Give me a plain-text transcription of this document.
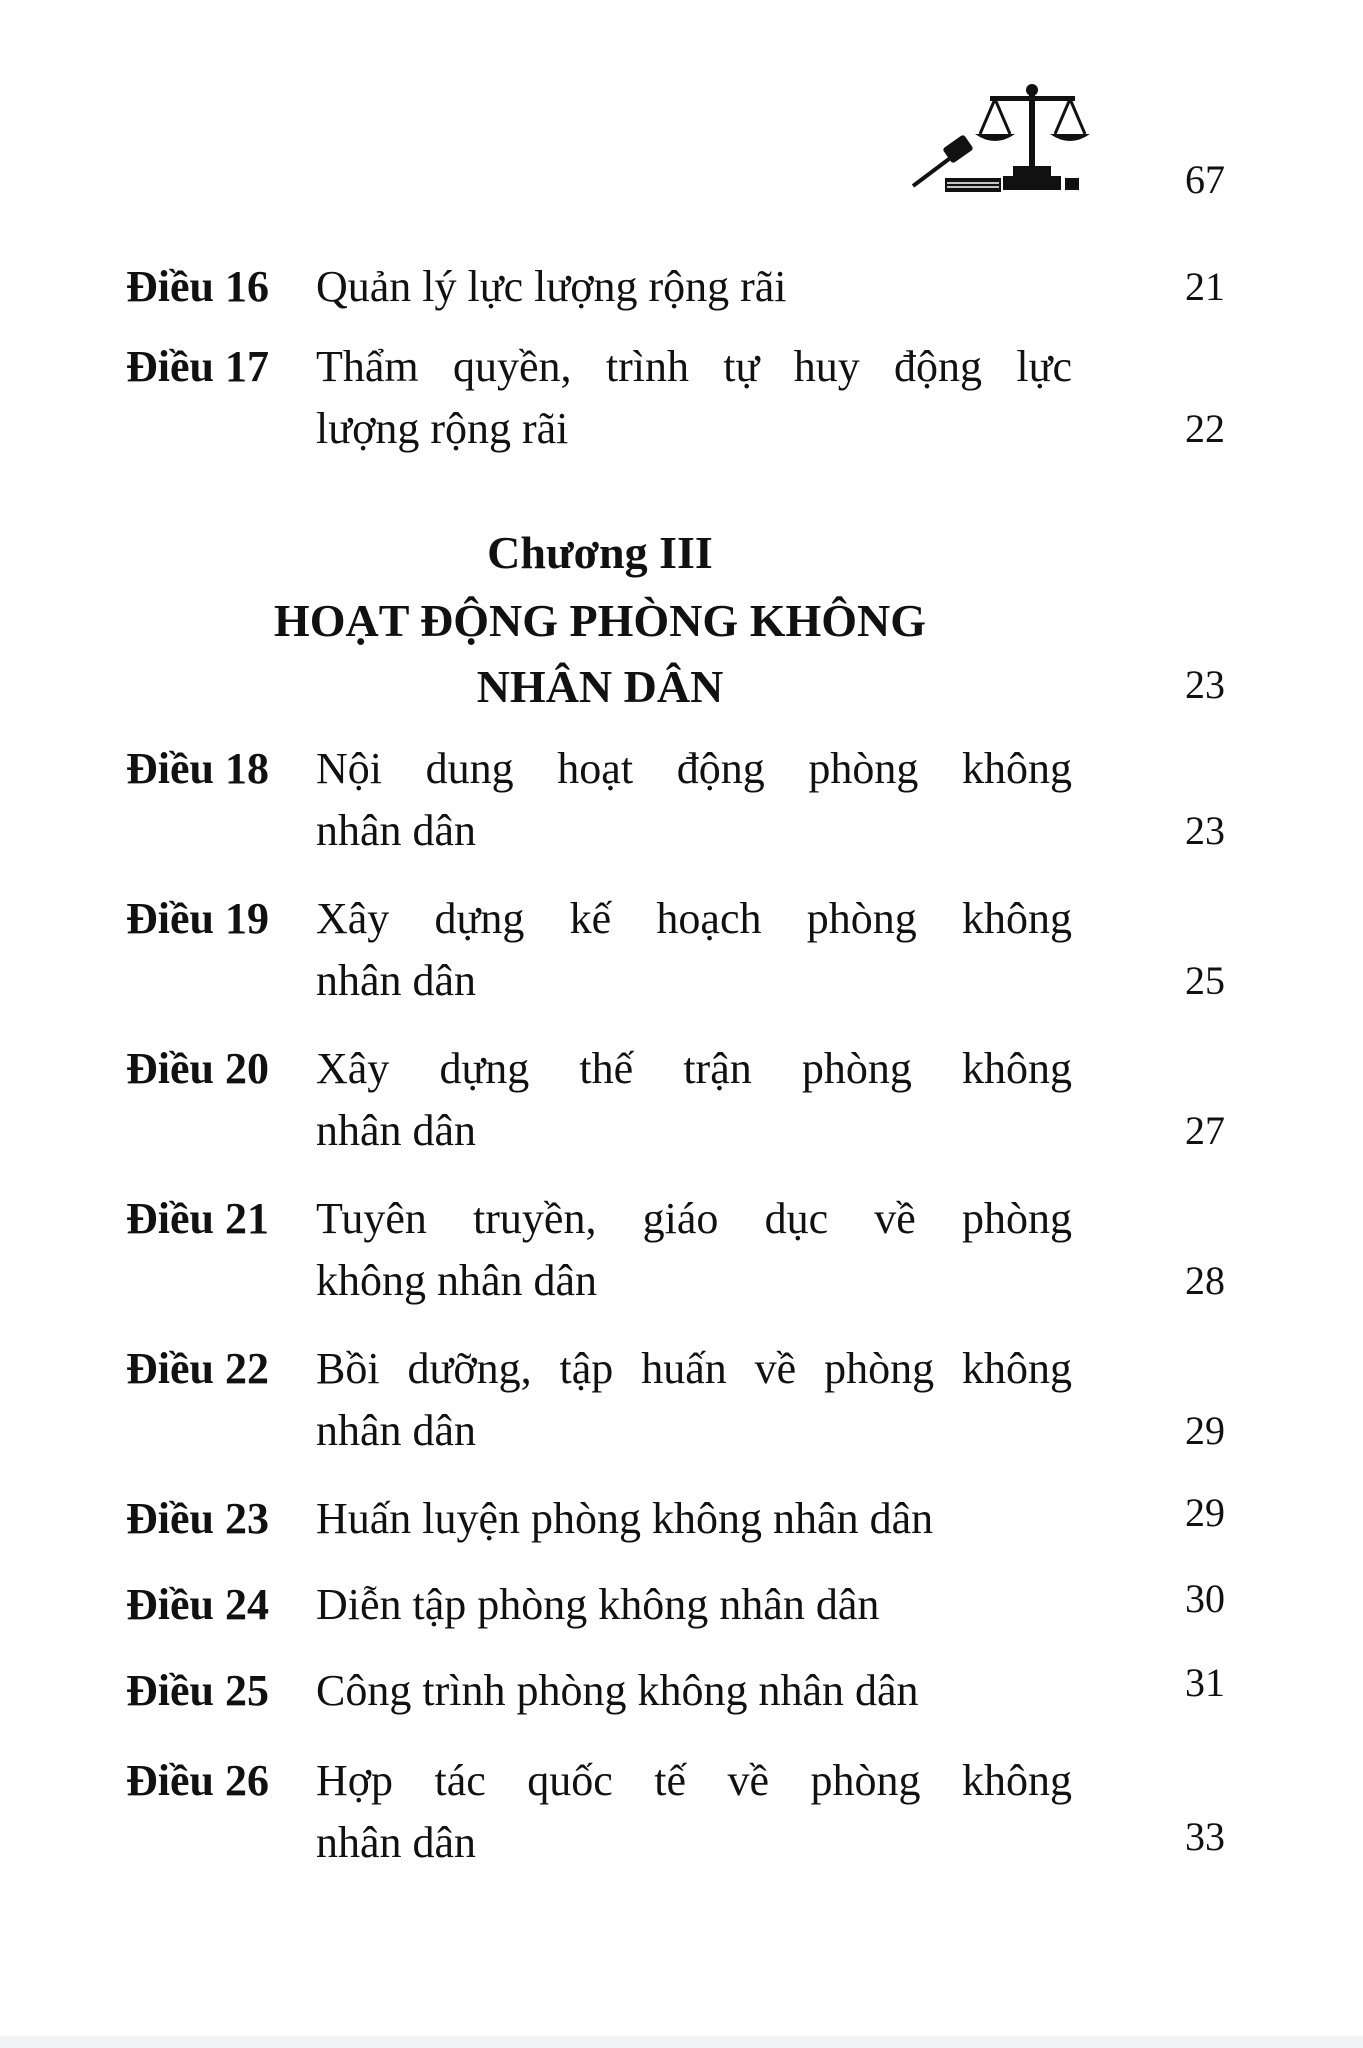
67
Điều 16 Quản lý lực lượng rộng rãi	21
Điều 17 Thẩm quyền, trình tự huy động lực
lượng rộng rãi	22
Chương III
HOẠT ĐỘNG PHÒNG KHÔNG
NHÂN DÂN	23
Điều 18 Nội dung hoạt động phòng không
nhân dân	23
Điều 19 Xây dựng kế hoạch phòng không
nhân dân	25
Điều 20 Xây dựng thế trận phòng không
nhân dân	27
Điều 21 Tuyên truyền, giáo dục về phòng
không nhân dân	28
Điều 22 Bồi dưỡng, tập huấn về phòng không
nhân dân	29
Điều 23 Huấn luyện phòng không nhân dân	29
Điều 24 Diễn tập phòng không nhân dân	30
Điều 25 Công trình phòng không nhân dân	31
Điều 26 Hợp tác quốc tế về phòng không
nhân dân	33
